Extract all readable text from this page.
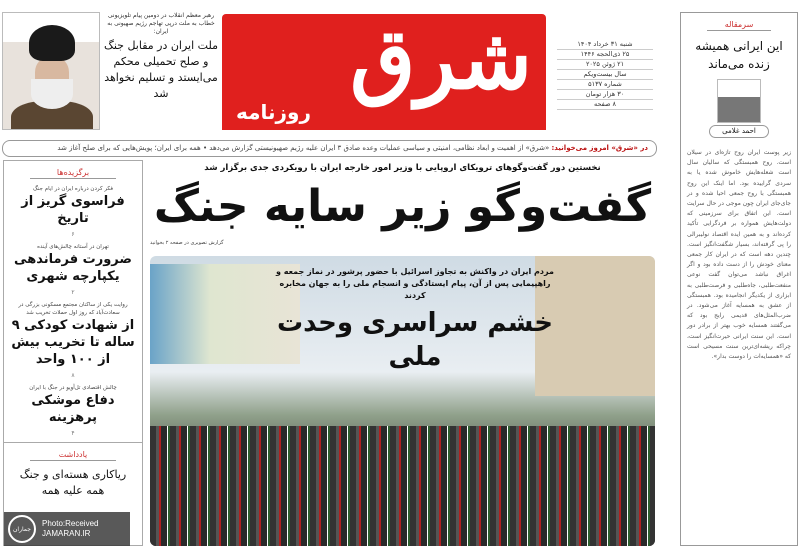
رهبر معظم انقلاب در دومین پیام تلویزیونی خطاب به ملت درپی تهاجم رژیم صهیونی به ایران:
ملت ایران در مقابل جنگ و صلح تحمیلی محکم می‌ایستد و تسلیم نخواهد شد	شرق
روزنامه
شنبه ۳۱ خرداد ۱۴۰۴
۲۵ ذی‌الحجه ۱۴۴۶
۲۱ ژوئن ۲۰۲۵
سال بیست‌ویکم
شماره ۵۱۳۷
۳۰ هزار تومان
۸ صفحه
در «شرق» امروز می‌خوانید: «شرق» از اهمیت و ابعاد نظامی، امنیتی و سیاسی عملیات وعده صادق ۳ ایران علیه رژیم صهیونیستی گزارش می‌دهد • همه برای ایران؛ پویش‌هایی که برای صلح آغاز شد
برگزیده‌ها
فکر کردن درباره ایران در ایام جنگ
فراسوی گریز از تاریخ
۶
تهران در آستانه چالش‌های آینده
ضرورت فرماندهی یکپارچه شهری
۲
روایت یکی از ساکنان مجتمع مسکونی بزرگی در سعادت‌آباد که روز اول حملات تخریب شد
از شهادت کودکی ۹ ساله تا تخریب بیش از ۱۰۰ واحد
۸
چالش اقتصادی تل‌آویو در جنگ با ایران
دفاع موشکی پرهزینه
۴
یادداشت
ریاکاری هسته‌ای و جنگ همه علیه همه
نخستین دور گفت‌وگوهای ترویکای اروپایی با وزیر امور خارجه ایران با رویکردی جدی برگزار شد
گفت‌وگو زیر سایه جنگ
گزارش تصویری در صفحه ۲ بخوانید
مردم ایران در واکنش به تجاوز اسرائیل با حضور پرشور در نماز جمعه و راهپیمایی پس از آن، پیام ایستادگی و انسجام ملی را به جهان مخابره کردند
خشم سراسری وحدت ملی
سرمقاله
این ایرانی همیشه زنده می‌ماند
احمد غلامی
زیر پوست ایران روح تازه‌ای در سیلان است. روح همبستگی که سالیان سال است شعله‌هایش خاموش شده یا به سردی گراییده بود. اما اینک این روح همبستگی با روح جمعی احیا شده و در جای‌جای ایران چون موجی در حال سرایت است. این اتفاق برای سرزمینی که دولت‌هایش همواره بر فردگرایی تأکید کرده‌اند و به همین ایده اقتصاد نولیبرالی را پی گرفته‌اند، بسیار شگفت‌انگیز است. چندین دهه است که در ایران کار جمعی معنای خودش را از دست داده بود و اگر اغراق نباشد می‌توان گفت نوعی منفعت‌طلبی، جاه‌طلبی و فرصت‌طلبی به ابزاری از یکدیگر انجامیده بود. همبستگی از عشق به همسایه آغاز می‌شود. در ضرب‌المثل‌های قدیمی رایج بود که می‌گفتند همسایه خوب بهتر از برادر دور است. این سنت ایرانی حیرت‌انگیز است، چراکه ریشه‌ای‌ترین سنت مسیحی است که «همسایه‌ات را دوست بدار».
جماران
Photo:Received
JAMARAN.IR
